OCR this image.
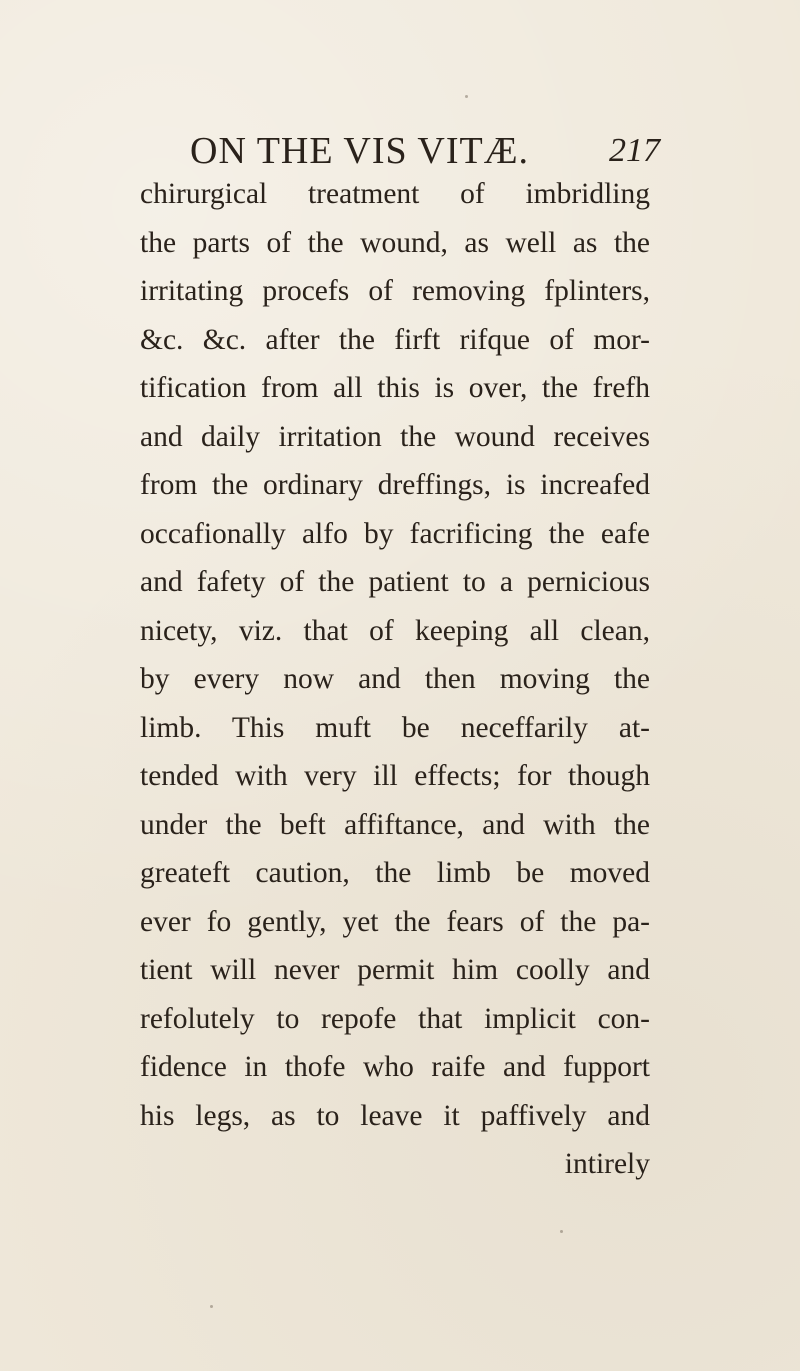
ON THE VIS VITÆ. 217
chirurgical treatment of imbridling
the parts of the wound, as well as the
irritating procefs of removing fplinters,
&c. &c. after the firft rifque of mor-
tification from all this is over, the frefh
and daily irritation the wound receives
from the ordinary dreffings, is increafed
occafionally alfo by facrificing the eafe
and fafety of the patient to a pernicious
nicety, viz. that of keeping all clean,
by every now and then moving the
limb. This muft be neceffarily at-
tended with very ill effects; for though
under the beft affiftance, and with the
greateft caution, the limb be moved
ever fo gently, yet the fears of the pa-
tient will never permit him coolly and
refolutely to repofe that implicit con-
fidence in thofe who raife and fupport
his legs, as to leave it paffively and
intirely
